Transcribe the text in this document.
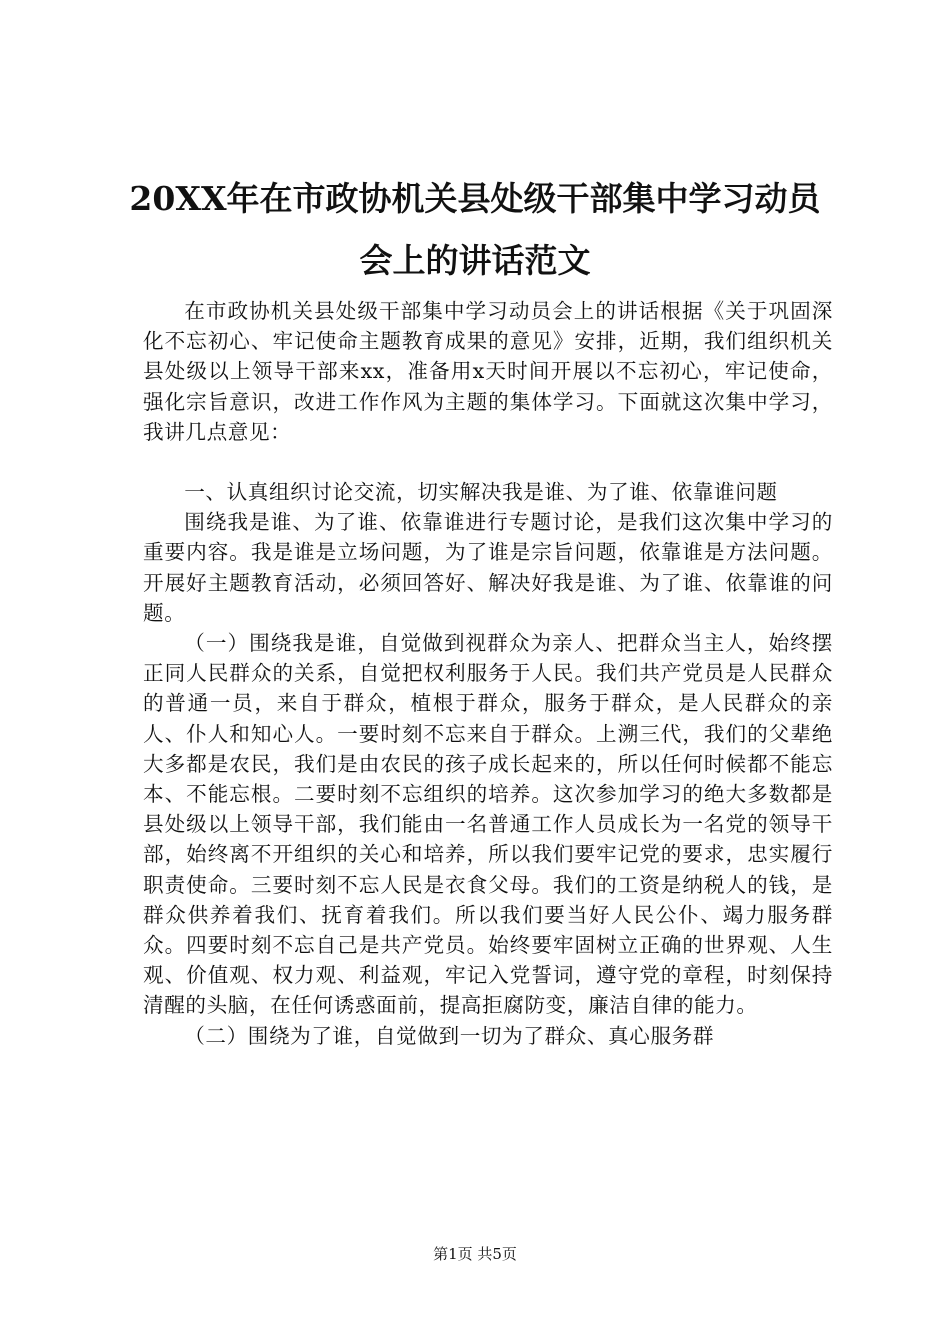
20XX年在市政协机关县处级干部集中学习动员会上的讲话范文

在市政协机关县处级干部集中学习动员会上的讲话根据《关于巩固深化不忘初心、牢记使命主题教育成果的意见》安排，近期，我们组织机关县处级以上领导干部来xx，准备用x天时间开展以不忘初心，牢记使命，强化宗旨意识，改进工作作风为主题的集体学习。下面就这次集中学习，我讲几点意见：

一、认真组织讨论交流，切实解决我是谁、为了谁、依靠谁问题

围绕我是谁、为了谁、依靠谁进行专题讨论，是我们这次集中学习的重要内容。我是谁是立场问题，为了谁是宗旨问题，依靠谁是方法问题。开展好主题教育活动，必须回答好、解决好我是谁、为了谁、依靠谁的问题。

（一）围绕我是谁，自觉做到视群众为亲人、把群众当主人，始终摆正同人民群众的关系，自觉把权利服务于人民。我们共产党员是人民群众的普通一员，来自于群众，植根于群众，服务于群众，是人民群众的亲人、仆人和知心人。一要时刻不忘来自于群众。上溯三代，我们的父辈绝大多都是农民，我们是由农民的孩子成长起来的，所以任何时候都不能忘本、不能忘根。二要时刻不忘组织的培养。这次参加学习的绝大多数都是县处级以上领导干部，我们能由一名普通工作人员成长为一名党的领导干部，始终离不开组织的关心和培养，所以我们要牢记党的要求，忠实履行职责使命。三要时刻不忘人民是衣食父母。我们的工资是纳税人的钱，是群众供养着我们、抚育着我们。所以我们要当好人民公仆、竭力服务群众。四要时刻不忘自己是共产党员。始终要牢固树立正确的世界观、人生观、价值观、权力观、利益观，牢记入党誓词，遵守党的章程，时刻保持清醒的头脑，在任何诱惑面前，提高拒腐防变，廉洁自律的能力。

（二）围绕为了谁，自觉做到一切为了群众、真心服务群

第1页 共5页
